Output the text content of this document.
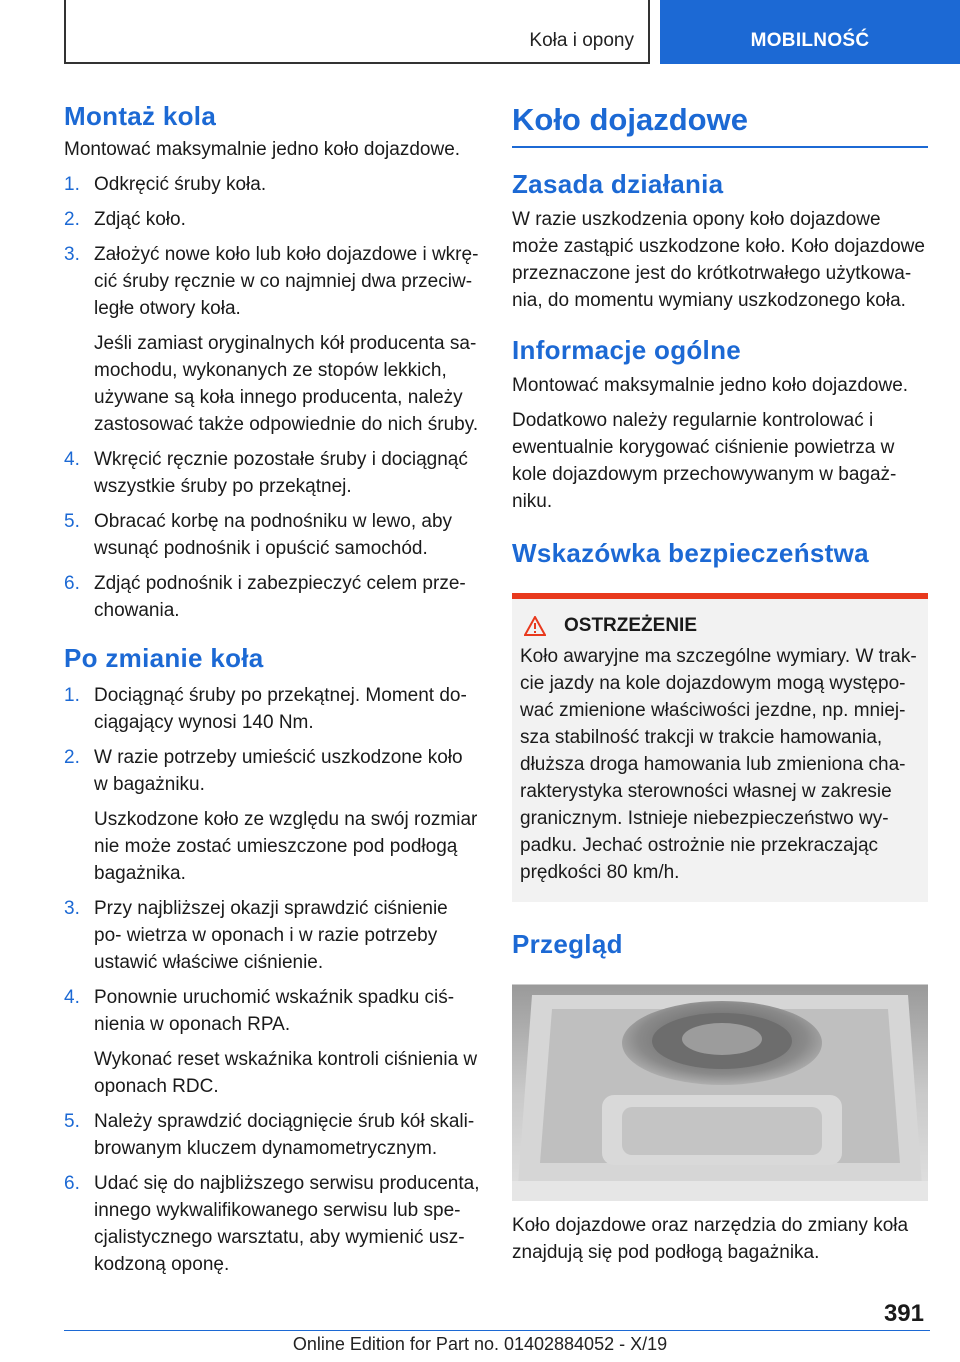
Koła i opony	MOBILNOŚĆ
Montaż kola

Montować maksymalnie jedno koło dojazdowe.

1. Odkręcić śruby koła.
2. Zdjąć koło.
3. Założyć nowe koło lub koło dojazdowe i wkrę‐ cić śruby ręcznie w co najmniej dwa przeciw‐ ległe otwory koła.
Jeśli zamiast oryginalnych kół producenta sa‐ mochodu, wykonanych ze stopów lekkich, używane są koła innego producenta, należy zastosować także odpowiednie do nich śruby.
4. Wkręcić ręcznie pozostałe śruby i dociągnąć wszystkie śruby po przekątnej.
5. Obracać korbę na podnośniku w lewo, aby wsunąć podnośnik i opuścić samochód.
6. Zdjąć podnośnik i zabezpieczyć celem prze‐ chowania.
Po zmianie koła
1. Dociągnąć śruby po przekątnej. Moment do‐ ciągający wynosi 140 Nm.
2. W razie potrzeby umieścić uszkodzone koło w bagażniku.
Uszkodzone koło ze względu na swój rozmiar nie może zostać umieszczone pod podłogą bagażnika.
3. Przy najbliższej okazji sprawdzić ciśnienie po‐ wietrza w oponach i w razie potrzeby ustawić właściwe ciśnienie.
4. Ponownie uruchomić wskaźnik spadku ciś‐ nienia w oponach RPA.
Wykonać reset wskaźnika kontroli ciśnienia w oponach RDC.
5. Należy sprawdzić dociągnięcie śrub kół skali‐ browanym kluczem dynamometrycznym.
6. Udać się do najbliższego serwisu producenta, innego wykwalifikowanego serwisu lub spe‐ cjalistycznego warsztatu, aby wymienić usz‐ kodzoną oponę.
Koło dojazdowe
Zasada działania

W razie uszkodzenia opony koło dojazdowe może zastąpić uszkodzone koło. Koło dojazdowe przeznaczone jest do krótkotrwałego użytkowa‐ nia, do momentu wymiany uszkodzonego koła.

Informacje ogólne

Montować maksymalnie jedno koło dojazdowe.

Dodatkowo należy regularnie kontrolować i ewentualnie korygować ciśnienie powietrza w kole dojazdowym przechowywanym w bagaż‐ niku.

Wskazówka bezpieczeństwa
OSTRZEŻENIE

Koło awaryjne ma szczególne wymiary. W trak‐ cie jazdy na kole dojazdowym mogą występo‐ wać zmienione właściwości jezdne, np. mniej‐ sza stabilność trakcji w trakcie hamowania, dłuższa droga hamowania lub zmieniona cha‐ rakterystyka sterowności własnej w zakresie granicznym. Istnieje niebezpieczeństwo wy‐ padku. Jechać ostrożnie nie przekraczając prędkości 80 km/h.

Przegląd

Koło dojazdowe oraz narzędzia do zmiany koła znajdują się pod podłogą bagażnika.

391
Online Edition for Part no. 01402884052 - X/19
